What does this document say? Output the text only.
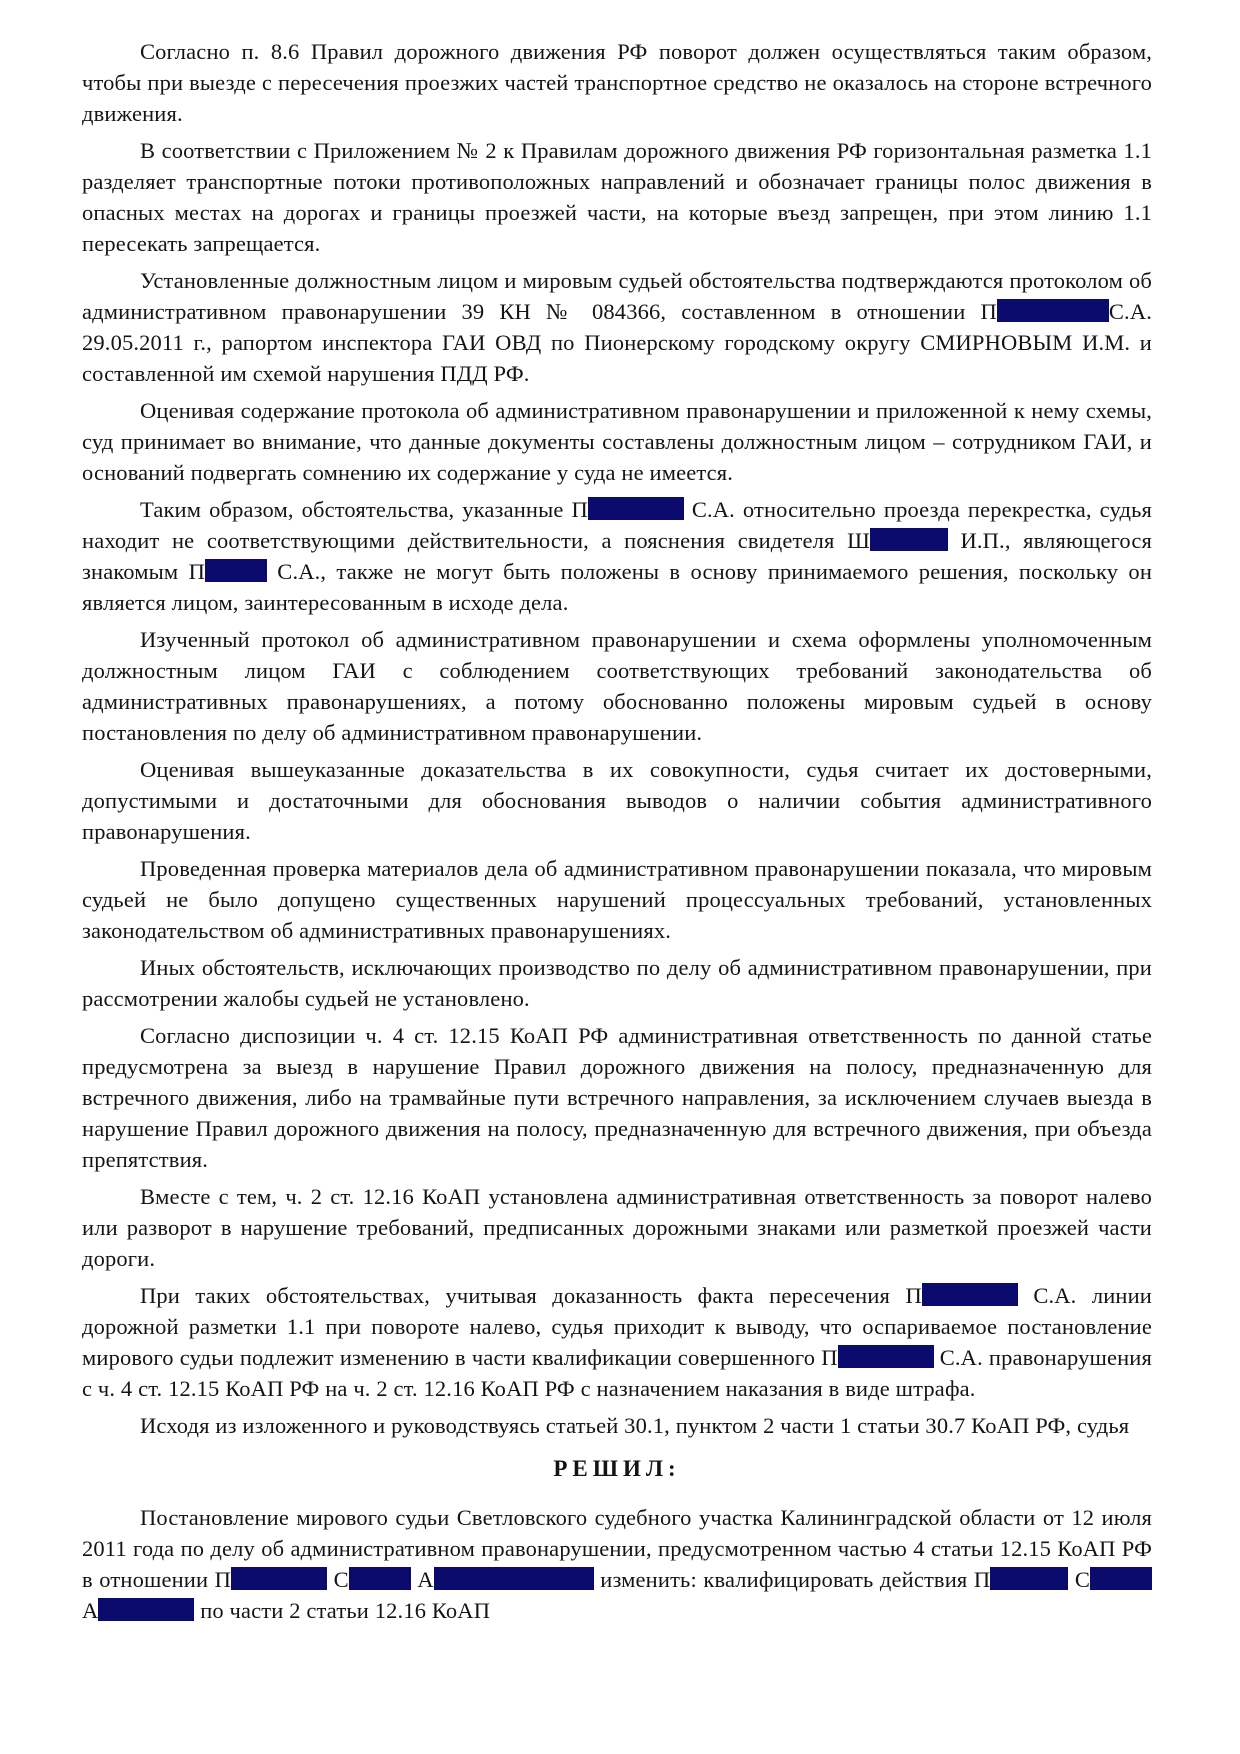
Согласно п. 8.6 Правил дорожного движения РФ поворот должен осуществляться таким образом, чтобы при выезде с пересечения проезжих частей транспортное средство не оказалось на стороне встречного движения.

В соответствии с Приложением № 2 к Правилам дорожного движения РФ горизонтальная разметка 1.1 разделяет транспортные потоки противоположных направлений и обозначает границы полос движения в опасных местах на дорогах и границы проезжей части, на которые въезд запрещен, при этом линию 1.1 пересекать запрещается.

Установленные должностным лицом и мировым судьей обстоятельства подтверждаются протоколом об административном правонарушении 39 КН № 084366, составленном в отношении П	С.А. 29.05.2011 г., рапортом инспектора ГАИ ОВД по Пионерскому городскому округу СМИРНОВЫМ И.М. и составленной им схемой нарушения ПДД РФ.

Оценивая содержание протокола об административном правонарушении и приложенной к нему схемы, суд принимает во внимание, что данные документы составлены должностным лицом – сотрудником ГАИ, и оснований подвергать сомнению их содержание у суда не имеется.

Таким образом, обстоятельства, указанные П	С.А. относительно проезда перекрестка, судья находит не соответствующими действительности, а пояснения свидетеля Ш	И.П., являющегося знакомым П	С.А., также не могут быть положены в основу принимаемого решения, поскольку он является лицом, заинтересованным в исходе дела.

Изученный протокол об административном правонарушении и схема оформлены уполномоченным должностным лицом ГАИ с соблюдением соответствующих требований законодательства об административных правонарушениях, а потому обоснованно положены мировым судьей в основу постановления по делу об административном правонарушении.

Оценивая вышеуказанные доказательства в их совокупности, судья считает их достоверными, допустимыми и достаточными для обоснования выводов о наличии события административного правонарушения.

Проведенная проверка материалов дела об административном правонарушении показала, что мировым судьей не было допущено существенных нарушений процессуальных требований, установленных законодательством об административных правонарушениях.

Иных обстоятельств, исключающих производство по делу об административном правонарушении, при рассмотрении жалобы судьей не установлено.

Согласно диспозиции ч. 4 ст. 12.15 КоАП РФ административная ответственность по данной статье предусмотрена за выезд в нарушение Правил дорожного движения на полосу, предназначенную для встречного движения, либо на трамвайные пути встречного направления, за исключением случаев выезда в нарушение Правил дорожного движения на полосу, предназначенную для встречного движения, при объезда препятствия.

Вместе с тем, ч. 2 ст. 12.16 КоАП установлена административная ответственность за поворот налево или разворот в нарушение требований, предписанных дорожными знаками или разметкой проезжей части дороги.

При таких обстоятельствах, учитывая доказанность факта пересечения П	С.А. линии дорожной разметки 1.1 при повороте налево, судья приходит к выводу, что оспариваемое постановление мирового судьи подлежит изменению в части квалификации совершенного П	С.А. правонарушения с ч. 4 ст. 12.15 КоАП РФ на ч. 2 ст. 12.16 КоАП РФ с назначением наказания в виде штрафа.

Исходя из изложенного и руководствуясь статьей 30.1, пунктом 2 части 1 статьи 30.7 КоАП РФ, судья

РЕШИЛ:

Постановление мирового судьи Светловского судебного участка Калининградской области от 12 июля 2011 года по делу об административном правонарушении, предусмотренном частью 4 статьи 12.15 КоАП РФ в отношении П	С	А	изменить: квалифицировать действия П	С А	по части 2 статьи 12.16 КоАП
